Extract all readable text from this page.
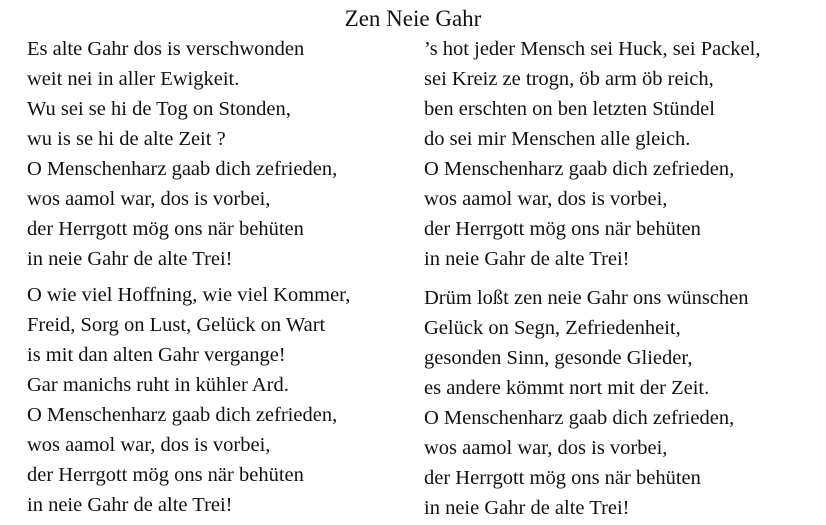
Zen Neie Gahr
Es alte Gahr dos is verschwonden
weit nei in aller Ewigkeit.
Wu sei se hi de Tog on Stonden,
wu is se hi de alte Zeit ?
O Menschenharz gaab dich zefrieden,
wos aamol war, dos is vorbei,
der Herrgott mög ons när behüten
in neie Gahr de alte Trei!
’s hot jeder Mensch sei Huck, sei Packel,
sei Kreiz ze trogn, öb arm öb reich,
ben erschten on ben letzten Stündel
do sei mir Menschen alle gleich.
O Menschenharz gaab dich zefrieden,
wos aamol war, dos is vorbei,
der Herrgott mög ons när behüten
in neie Gahr de alte Trei!
O wie viel Hoffning, wie viel Kommer,
Freid, Sorg on Lust, Gelück on Wart
is mit dan alten Gahr vergange!
Gar manichs ruht in kühler Ard.
O Menschenharz gaab dich zefrieden,
wos aamol war, dos is vorbei,
der Herrgott mög ons när behüten
in neie Gahr de alte Trei!
Drüm loßt zen neie Gahr ons wünschen
Gelück on Segn, Zefriedenheit,
gesonden Sinn, gesonde Glieder,
es andere kömmt nort mit der Zeit.
O Menschenharz gaab dich zefrieden,
wos aamol war, dos is vorbei,
der Herrgott mög ons när behüten
in neie Gahr de alte Trei!
